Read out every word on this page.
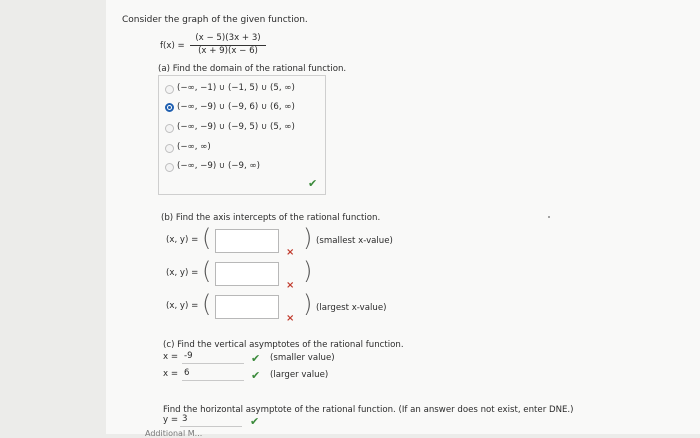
Consider the graph of the given function.
f(x) =
(x − 5)(3x + 3)
(x + 9)(x − 6)
(a) Find the domain of the rational function.
(−∞, −1) ∪ (−1, 5) ∪ (5, ∞)
(−∞, −9) ∪ (−9, 6) ∪ (6, ∞)
(−∞, −9) ∪ (−9, 5) ∪ (5, ∞)
(−∞, ∞)
(−∞, −9) ∪ (−9, ∞)
✔
(b) Find the axis intercepts of the rational function.
(x, y) = (
×
) (smallest x-value)
(x, y) = (
×
)
(x, y) = (
×
) (largest x-value)
(c) Find the vertical asymptotes of the rational function.
x = -9	✔ (smaller value)
x = 6	✔ (larger value)
Find the horizontal asymptote of the rational function. (If an answer does not exist, enter DNE.)
y = 3	✔
Additional M...
